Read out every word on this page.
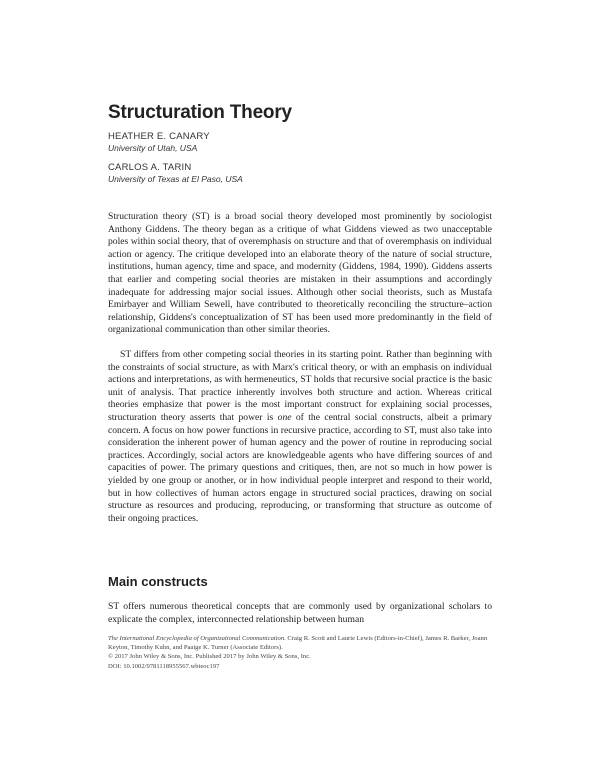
Structuration Theory
HEATHER E. CANARY
University of Utah, USA
CARLOS A. TARIN
University of Texas at El Paso, USA

Structuration theory (ST) is a broad social theory developed most prominently by sociologist Anthony Giddens. The theory began as a critique of what Giddens viewed as two unacceptable poles within social theory, that of overemphasis on structure and that of overemphasis on individual action or agency. The critique developed into an elaborate theory of the nature of social structure, institutions, human agency, time and space, and modernity (Giddens, 1984, 1990). Giddens asserts that earlier and competing social theories are mistaken in their assumptions and accordingly inadequate for addressing major social issues. Although other social theorists, such as Mustafa Emirbayer and William Sewell, have contributed to theoretically reconciling the structure–action relationship, Giddens's conceptualization of ST has been used more predominantly in the field of organizational communication than other similar theories.

ST differs from other competing social theories in its starting point. Rather than beginning with the constraints of social structure, as with Marx's critical theory, or with an emphasis on individual actions and interpretations, as with hermeneutics, ST holds that recursive social practice is the basic unit of analysis. That practice inherently involves both structure and action. Whereas critical theories emphasize that power is the most important construct for explaining social processes, structuration theory asserts that power is one of the central social constructs, albeit a primary concern. A focus on how power functions in recursive practice, according to ST, must also take into consideration the inherent power of human agency and the power of routine in reproducing social practices. Accordingly, social actors are knowledgeable agents who have differing sources of and capacities of power. The primary questions and critiques, then, are not so much in how power is yielded by one group or another, or in how individual people interpret and respond to their world, but in how collectives of human actors engage in structured social practices, drawing on social structure as resources and producing, reproducing, or transforming that structure as outcome of their ongoing practices.

Main constructs

ST offers numerous theoretical concepts that are commonly used by organizational scholars to explicate the complex, interconnected relationship between human

The International Encyclopedia of Organizational Communication. Craig R. Scott and Laurie Lewis (Editors-in-Chief), James R. Barker, Joann Keyton, Timothy Kuhn, and Paaige K. Turner (Associate Editors).

© 2017 John Wiley & Sons, Inc. Published 2017 by John Wiley & Sons, Inc.

DOI: 10.1002/9781118955567.wbieoc197
